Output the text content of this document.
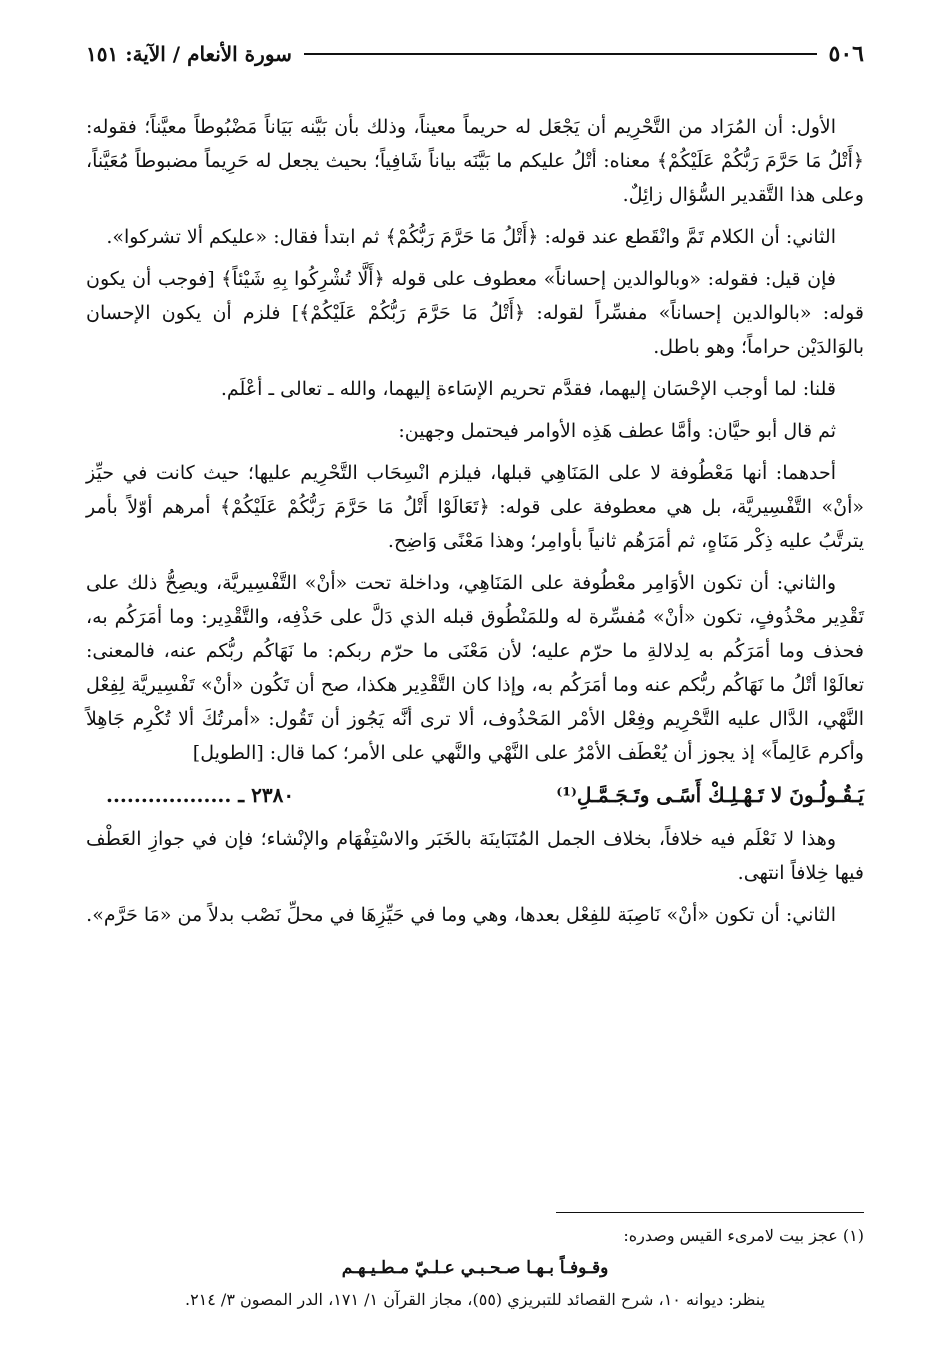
سورة الأنعام / الآية: ١٥١	٥٠٦

الأول: أن المُرَاد من التَّحْرِيم أن يَجْعَل له حريماً معيناً، وذلك بأن بَيَّنه بَيَاناً مَضْبُوطاً معيَّناً؛ فقوله: ﴿أَتْلُ مَا حَرَّمَ رَبُّكُمْ عَلَيْكُمْ﴾ معناه: أتْلُ عليكم ما بَيَّنَه بياناً شَافِياً؛ بحيث يجعل له حَرِيماً مضبوطاً مُعَيَّناً، وعلى هذا التَّقدير السُّؤال زائِلٌ.

الثاني: أن الكلام تَمَّ وانْقَطع عند قوله: ﴿أَتْلُ مَا حَرَّمَ رَبُّكُمْ﴾ ثم ابتدأ فقال: «عليكم ألا تشركوا».

فإن قيل: فقوله: «وبالوالدين إحساناً» معطوف على قوله ﴿أَلَّا تُشْرِكُوا بِهِ شَيْئاً﴾ [فوجب أن يكون قوله: «بالوالدين إحساناً» مفسِّراً لقوله: ﴿أَتْلُ مَا حَرَّمَ رَبُّكُمْ عَلَيْكُمْ﴾] فلزم أن يكون الإحسان بالوَالدَيْن حراماً؛ وهو باطل.

قلنا: لما أوجب الإحْسَان إليهما، فقدَّم تحريم الإسَاءة إليهما، والله ـ تعالى ـ أعْلَم.

ثم قال أبو حيَّان: وأمَّا عطف هَذِه الأوامر فيحتمل وجهين:

أحدهما: أنها مَعْطُوفة لا على المَنَاهِي قبلها، فيلزم انْسِحَاب التَّحْرِيم عليها؛ حيث كانت في حيِّز «أنْ» التَّفْسِيريَّة، بل هي معطوفة على قوله: ﴿تَعَالَوْا أَتْلُ مَا حَرَّمَ رَبُّكُمْ عَلَيْكُمْ﴾ أمرهم أوّلاً بأمر يترتَّبُ عليه ذِكْر مَنَاهٍ، ثم أمَرَهُم ثانياً بأوامِر؛ وهذا مَعْنًى وَاضِح.

والثاني: أن تكون الأوَامِر معْطُوفة على المَنَاهِي، وداخلة تحت «أنْ» التَّفْسِيريَّة، ويصِحُّ ذلك على تَقْدِير محْذُوفٍ، تكون «أنْ» مُفسِّرة له وللمَنْطُوق قبله الذي دَلَّ على حَذْفِه، والتَّقْدِير: وما أمَرَكُم به، فحذف وما أمَرَكُم به لِدلالةِ ما حرّم عليه؛ لأن مَعْنَى ما حرّم ربكم: ما نَهَاكُم ربُّكم عنه، فالمعنى: تعالَوْا أتْلُ ما نَهَاكُم ربُّكم عنه وما أمَرَكُم به، وإذا كان التَّقْدِير هكذا، صح أن تَكُون «أنْ» تَفْسِيريَّة لِفِعْل النَّهْي، الدَّال عليه التَّحْرِيم وفِعْل الأمْر المَحْذُوف، ألا ترى أنَّه يَجُوز أن تَقُول: «أمرتُكَ ألا تُكْرِم جَاهِلاً وأكرم عَالِماً» إذ يجوز أن يُعْطَف الأمْرُ على النَّهْي والنَّهي على الأمر؛ كما قال: [الطويل]

يَـقُـولُـونَ لا تَـهْـلِـكْ أَسًـى وتَـجَـمَّـلِ⁽¹⁾
٢٣٨٠ ـ ..................

وهذا لا نَعْلَم فيه خلافاً، بخلاف الجمل المُتَبَاينَة بالخَبَر والاسْتِفْهَام والإنْشاء؛ فإن في جوازِ العَطْف فيها خِلافاً انتهى.

الثاني: أن تكون «أنْ» نَاصِبَة للفِعْل بعدها، وهي وما في حَيِّزِهَا في محلِّ نَصْب بدلاً من «مَا حَرَّم».

(١) عجز بيت لامرىء القيس وصدره:
وقـوفـاً بـهـا صـحـبـي عـلـيّ مـطـيـهـم
ينظر: ديوانه ١٠، شرح القصائد للتبريزي (٥٥)، مجاز القرآن ١/ ١٧١، الدر المصون ٣/ ٢١٤.
